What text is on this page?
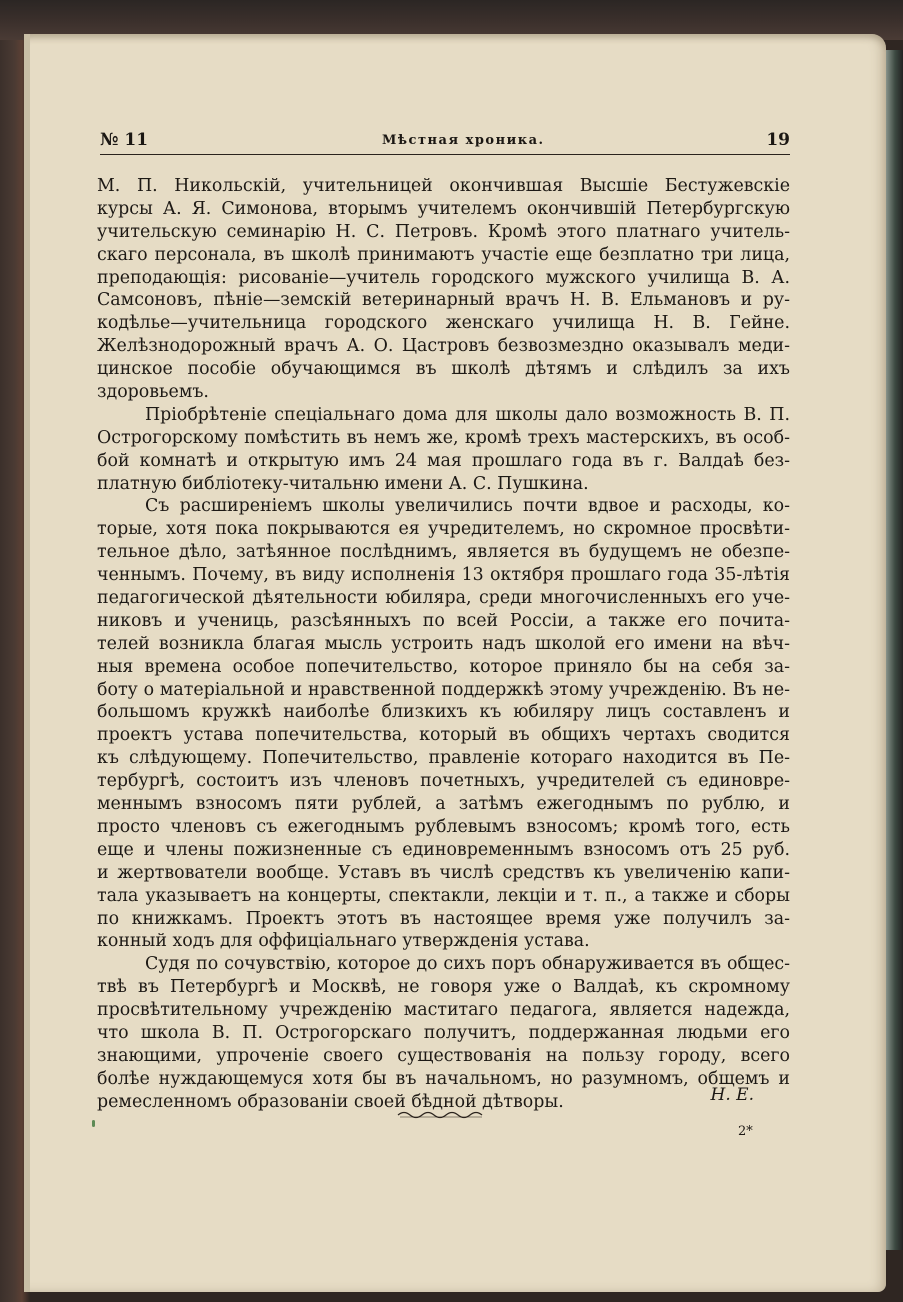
№ 11	Мѣстная хроника.	19
М. П. Никольскій, учительницей окончившая Высшіе Бестужевскіе
курсы А. Я. Симонова, вторымъ учителемъ окончившій Петербургскую
учительскую семинарію Н. С. Петровъ. Кромѣ этого платнаго учитель-
скаго персонала, въ школѣ принимаютъ участіе еще безплатно три лица,
преподающія: рисованіе—учитель городского мужского училища В. А.
Самсоновъ, пѣніе—земскій ветеринарный врачъ Н. В. Ельмановъ и ру-
кодѣлье—учительница городского женскаго училища Н. В. Гейне.
Желѣзнодорожный врачъ А. О. Цастровъ безвозмездно оказывалъ меди-
цинское пособіе обучающимся въ школѣ дѣтямъ и слѣдилъ за ихъ
здоровьемъ.
Пріобрѣтеніе спеціальнаго дома для школы дало возможность В. П.
Острогорскому помѣстить въ немъ же, кромѣ трехъ мастерскихъ, въ особ-
бой комнатѣ и открытую имъ 24 мая прошлаго года въ г. Валдаѣ без-
платную библіотеку-читальню имени А. С. Пушкина.
Съ расширеніемъ школы увеличились почти вдвое и расходы, ко-
торые, хотя пока покрываются ея учредителемъ, но скромное просвѣти-
тельное дѣло, затѣянное послѣднимъ, является въ будущемъ не обезпе-
ченнымъ. Почему, въ виду исполненія 13 октября прошлаго года 35-лѣтія
педагогической дѣятельности юбиляра, среди многочисленныхъ его уче-
никовъ и учениць, разсѣянныхъ по всей Россіи, а также его почита-
телей возникла благая мысль устроить надъ школой его имени на вѣч-
ныя времена особое попечительство, которое приняло бы на себя за-
боту о матеріальной и нравственной поддержкѣ этому учрежденію. Въ не-
большомъ кружкѣ наиболѣе близкихъ къ юбиляру лицъ составленъ и
проектъ устава попечительства, который въ общихъ чертахъ сводится
къ слѣдующему. Попечительство, правленіе котораго находится въ Пе-
тербургѣ, состоитъ изъ членовъ почетныхъ, учредителей съ единовре-
меннымъ взносомъ пяти рублей, а затѣмъ ежегоднымъ по рублю, и
просто членовъ съ ежегоднымъ рублевымъ взносомъ; кромѣ того, есть
еще и члены пожизненные съ единовременнымъ взносомъ отъ 25 руб.
и жертвователи вообще. Уставъ въ числѣ средствъ къ увеличенію капи-
тала указываетъ на концерты, спектакли, лекціи и т. п., а также и сборы
по книжкамъ. Проектъ этотъ въ настоящее время уже получилъ за-
конный ходъ для оффиціальнаго утвержденія устава.
Судя по сочувствію, которое до сихъ поръ обнаруживается въ общес-
твѣ въ Петербургѣ и Москвѣ, не говоря уже о Валдаѣ, къ скромному
просвѣтительному учрежденію маститаго педагога, является надежда,
что школа В. П. Острогорскаго получитъ, поддержанная людьми его
знающими, упроченіе своего существованія на пользу городу, всего
болѣе нуждающемуся хотя бы въ начальномъ, но разумномъ, общемъ и
ремесленномъ образованіи своей бѣдной дѣтворы.	Н. Е.
2*
